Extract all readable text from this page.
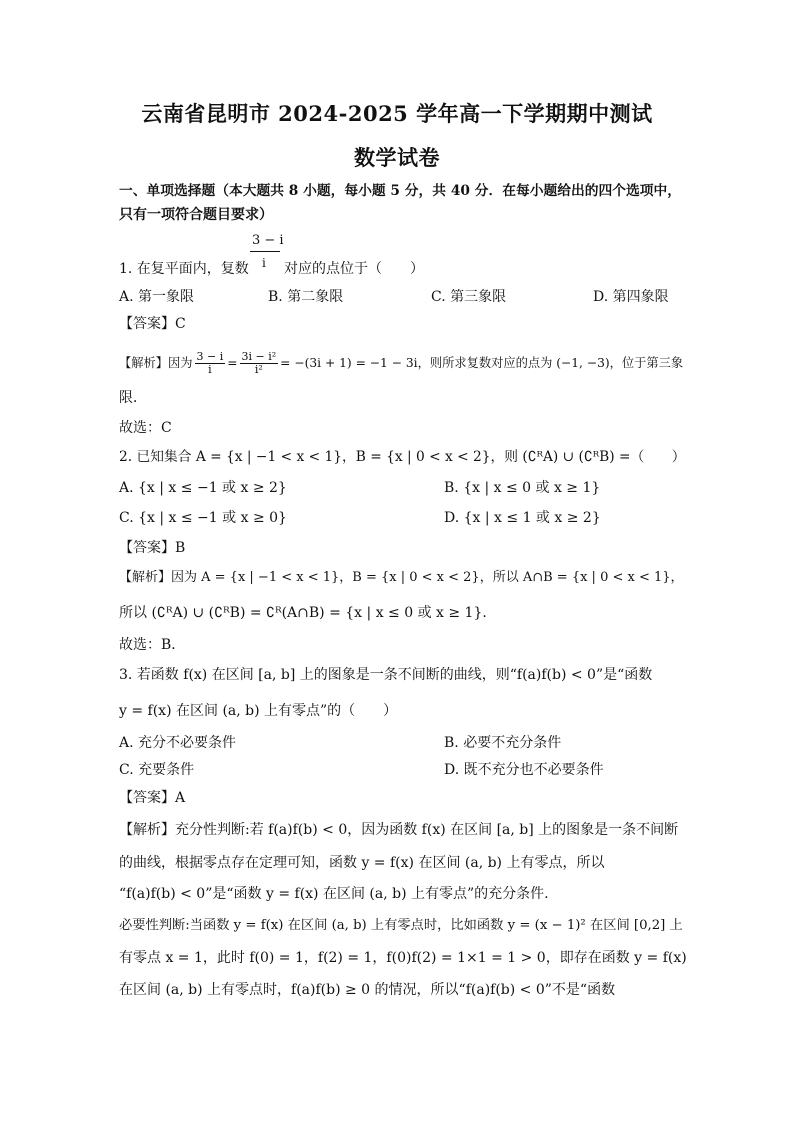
云南省昆明市 2024-2025 学年高一下学期期中测试
数学试卷
一、单项选择题（本大题共 8 小题，每小题 5 分，共 40 分．在每小题给出的四个选项中，
只有一项符合题目要求）
3 − i
i
1. 在复平面内，复数	对应的点位于（　　）
A. 第一象限	B. 第二象限	C. 第三象限	D. 第四象限
【答案】C
【解析】因为 $\frac{3 - i}{i} = \frac{\text{3i − i²}}{\text{i²}} = -(3i + 1) = -1 - 3i$，则所求复数对应的点为 (−1, −3)，位于第三象
限．
故选：C
2. 已知集合 A = {x | −1 < x < 1}，B = {x | 0 < x < 2}，则 (∁ᴿA) ∪ (∁ᴿB) =（　　）
A. {x | x ≤ −1 或 x ≥ 2}	B. {x | x ≤ 0 或 x ≥ 1}
C. {x | x ≤ −1 或 x ≥ 0}	D. {x | x ≤ 1 或 x ≥ 2}
【答案】B
【解析】因为 A = {x | −1 < x < 1}，B = {x | 0 < x < 2}，所以 A∩B = {x | 0 < x < 1}，
所以 (∁ᴿA) ∪ (∁ᴿB) = ∁ᴿ(A∩B) = {x | x ≤ 0 或 x ≥ 1}.
故选：B．
3. 若函数 f(x) 在区间 [a, b] 上的图象是一条不间断的曲线，则“f(a)f(b) < 0”是“函数
y = f(x) 在区间 (a, b) 上有零点”的（　　）
A. 充分不必要条件	B. 必要不充分条件
C. 充要条件	D. 既不充分也不必要条件
【答案】A
【解析】充分性判断:若 f(a)f(b) < 0，因为函数 f(x) 在区间 [a, b] 上的图象是一条不间断
的曲线，根据零点存在定理可知，函数 y = f(x) 在区间 (a, b) 上有零点，所以
“f(a)f(b) < 0”是“函数 y = f(x) 在区间 (a, b) 上有零点”的充分条件.
必要性判断:当函数 y = f(x) 在区间 (a, b) 上有零点时，比如函数 y = (x − 1)² 在区间 [0,2] 上
有零点 x = 1，此时 f(0) = 1，f(2) = 1，f(0)f(2) = 1×1 = 1 > 0，即存在函数 y = f(x)
在区间 (a, b) 上有零点时，f(a)f(b) ≥ 0 的情况，所以“f(a)f(b) < 0”不是“函数
